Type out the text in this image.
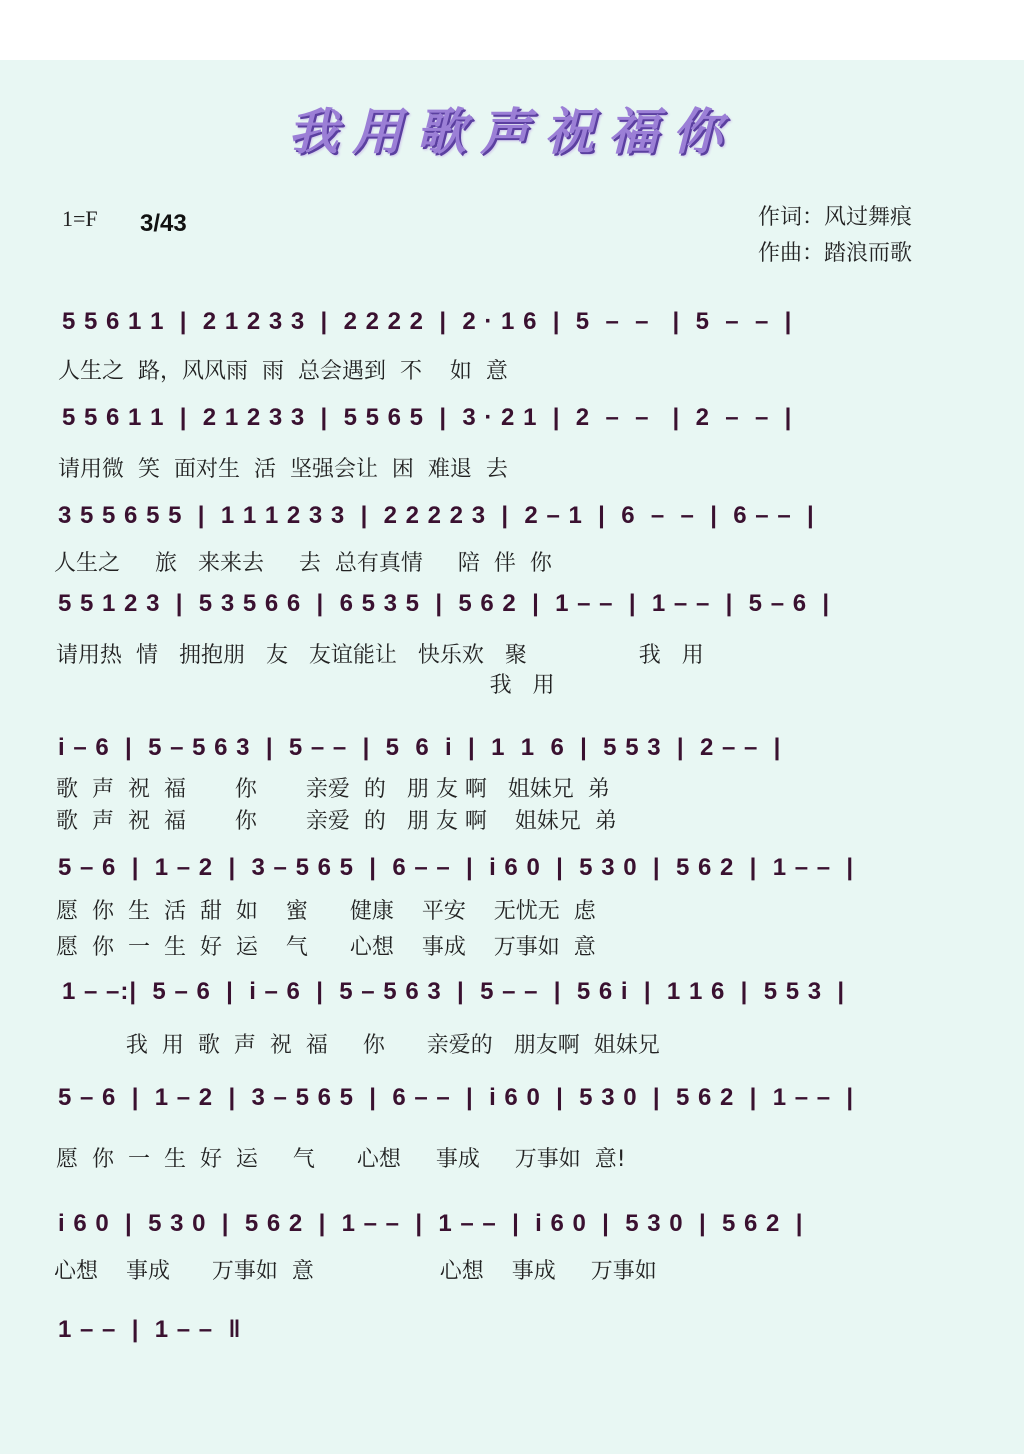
我用歌声祝福你
1=F 3/43	作词：风过舞痕
作曲：踏浪而歌
5 5 6 1 1  |  2 1 2 3 3  |  2 2 2 2  |  2 · 1 6  |  5  –  –   |  5  –  –  |
人生之  路，风风雨  雨  总会遇到  不    如  意
5 5 6 1 1  |  2 1 2 3 3  |  5 5 6 5  |  3 · 2 1  |  2  –  –   |  2  –  –  |
请用微  笑  面对生  活  坚强会让  困  难退  去
3 5 5 6 5 5  |  1 1 1 2 3 3  |  2 2 2 2 3  |  2 – 1  |  6  –  –  |  6 – –  |
人生之     旅   来来去     去  总有真情     陪  伴  你
5 5 1 2 3  |  5 3 5 6 6  |  6 5 3 5  |  5 6 2  |  1 – –  |  1 – –  |  5 – 6  |
请用热  情   拥抱朋   友   友谊能让   快乐欢   聚                我   用
我   用
i – 6  |  5 – 5 6 3  |  5 – –  |  5  6  i  |  1  1  6  |  5 5 3  |  2 – –  |
歌  声  祝  福       你       亲爱  的   朋 友 啊   姐妹兄  弟
歌  声  祝  福       你       亲爱  的   朋 友 啊    姐妹兄  弟
5 – 6  |  1 – 2  |  3 – 5 6 5  |  6 – –  |  i 6 0  |  5 3 0  |  5 6 2  |  1 – –  |
愿  你  生  活  甜  如    蜜      健康    平安    无忧无  虑
愿  你  一  生  好  运    气      心想    事成    万事如  意
1 – –:|  5 – 6  |  i – 6  |  5 – 5 6 3  |  5 – –  |  5 6 i  |  1 1 6  |  5 5 3  |
我  用  歌  声  祝  福     你      亲爱的   朋友啊  姐妹兄
5 – 6  |  1 – 2  |  3 – 5 6 5  |  6 – –  |  i 6 0  |  5 3 0  |  5 6 2  |  1 – –  |
愿  你  一  生  好  运     气      心想     事成     万事如  意!
i 6 0  |  5 3 0  |  5 6 2  |  1 – –  |  1 – –  |  i 6 0  |  5 3 0  |  5 6 2  |
心想    事成      万事如  意                  心想    事成     万事如
1 – –  |  1 – –  ‖
